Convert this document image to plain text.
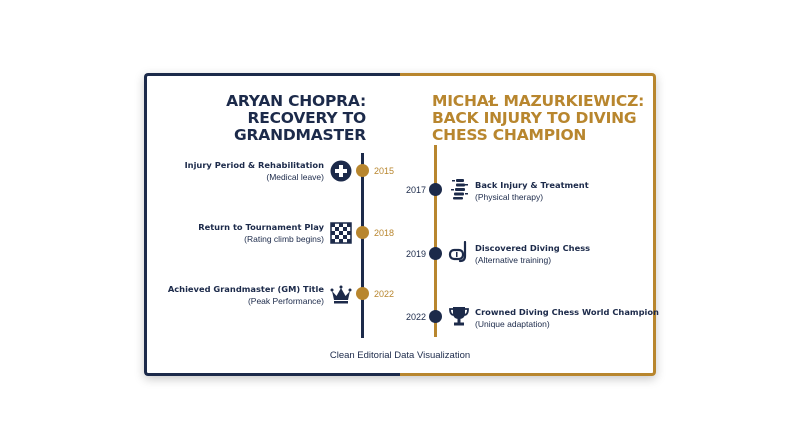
ARYAN CHOPRA:
RECOVERY TO
GRANDMASTER
MICHAŁ MAZURKIEWICZ:
BACK INJURY TO DIVING
CHESS CHAMPION
2015
Injury Period & Rehabilitation
(Medical leave)
2018
Return to Tournament Play
(Rating climb begins)
2022
Achieved Grandmaster (GM) Title
(Peak Performance)
2017	Back Injury & Treatment
(Physical therapy)
2019
Discovered Diving Chess
(Alternative training)
2022	Crowned Diving Chess World Champion
(Unique adaptation)
Clean Editorial Data Visualization
